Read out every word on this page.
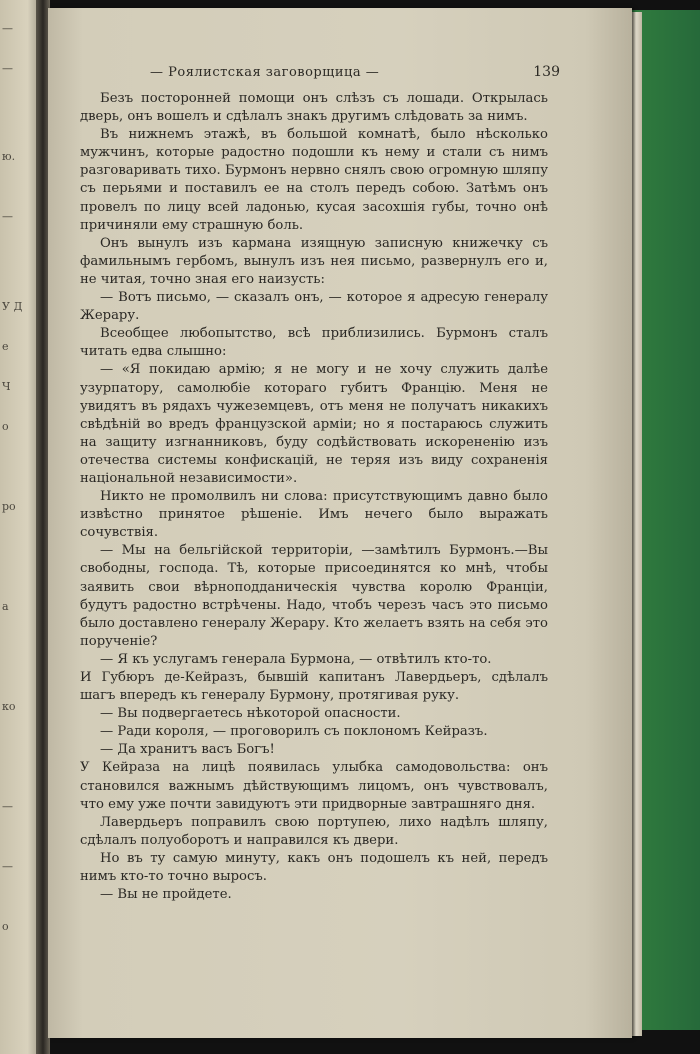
—
—
ю.
—
У Д
е
Ч
о
ро
а
ко
—
—
о
— Роялистская заговорщица —	139

Безъ посторонней помощи онъ слѣзъ съ лошади. Открылась дверь, онъ вошелъ и сдѣлалъ знакъ другимъ слѣдовать за нимъ.

Въ нижнемъ этажѣ, въ большой комнатѣ, было нѣсколько мужчинъ, которые радостно подошли къ нему и стали съ нимъ разговаривать тихо. Бурмонъ нервно снялъ свою огромную шляпу съ перьями и поставилъ ее на столъ передъ собою. Затѣмъ онъ провелъ по лицу всей ладонью, кусая засохшія губы, точно онѣ причиняли ему страшную боль.

Онъ вынулъ изъ кармана изящную записную книжечку съ фамильнымъ гербомъ, вынулъ изъ нея письмо, развернулъ его и, не читая, точно зная его наизусть:

— Вотъ письмо, — сказалъ онъ, — которое я адресую генералу Жерару.

Всеобщее любопытство, всѣ приблизились. Бурмонъ сталъ читать едва слышно:

— «Я покидаю армію; я не могу и не хочу служить далѣе узурпатору, самолюбіе котораго губитъ Францію. Меня не увидятъ въ рядахъ чужеземцевъ, отъ меня не получатъ никакихъ свѣдѣній во вредъ французской арміи; но я постараюсь служить на защиту изгнанниковъ, буду содѣйствовать искорененію изъ отечества системы конфискацій, не теряя изъ виду сохраненія національной независимости».

Никто не промолвилъ ни слова: присутствующимъ давно было извѣстно принятое рѣшеніе. Имъ нечего было выражать сочувствія.

— Мы на бельгійской территоріи, —замѣтилъ Бурмонъ.—Вы свободны, господа. Тѣ, которые присоединятся ко мнѣ, чтобы заявить свои вѣрноподданическія чувства королю Франціи, будутъ радостно встрѣчены. Надо, чтобъ черезъ часъ это письмо было доставлено генералу Жерару. Кто желаетъ взять на себя это порученіе?

— Я къ услугамъ генерала Бурмона, — отвѣтилъ кто-то.

И Губюръ де-Кейразъ, бывшій капитанъ Лавердьеръ, сдѣлалъ шагъ впередъ къ генералу Бурмону, протягивая руку.

— Вы подвергаетесь нѣкоторой опасности.

— Ради короля, — проговорилъ съ поклономъ Кейразъ.

— Да хранитъ васъ Богъ!

У Кейраза на лицѣ появилась улыбка самодовольства: онъ становился важнымъ дѣйствующимъ лицомъ, онъ чувствовалъ, что ему уже почти завидуютъ эти придворные завтрашняго дня.

Лавердьеръ поправилъ свою портупею, лихо надѣлъ шляпу, сдѣлалъ полуоборотъ и направился къ двери.

Но въ ту самую минуту, какъ онъ подошелъ къ ней, передъ нимъ кто-то точно выросъ.

— Вы не пройдете.
